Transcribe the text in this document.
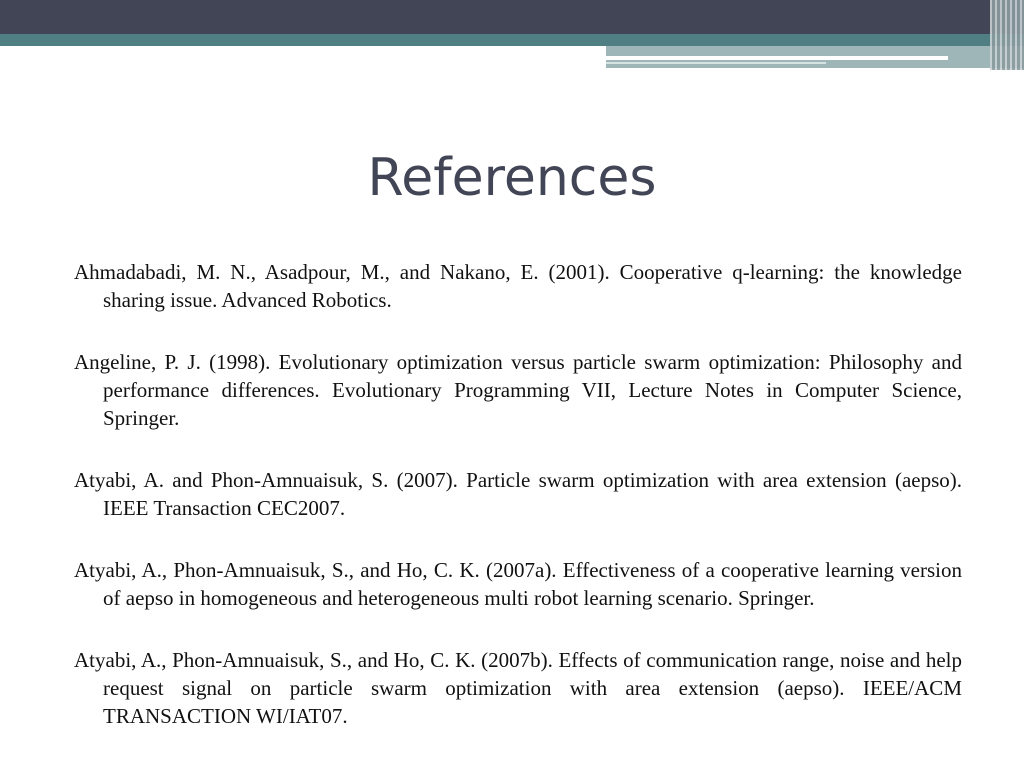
References

Ahmadabadi, M. N., Asadpour, M., and Nakano, E. (2001). Cooperative q-learning: the knowledge sharing issue. Advanced Robotics.

Angeline, P. J. (1998). Evolutionary optimization versus particle swarm optimization: Philosophy and performance differences. Evolutionary Programming VII, Lecture Notes in Computer Science, Springer.

Atyabi, A. and Phon-Amnuaisuk, S. (2007). Particle swarm optimization with area extension (aepso). IEEE Transaction CEC2007.

Atyabi, A., Phon-Amnuaisuk, S., and Ho, C. K. (2007a). Effectiveness of a cooperative learning version of aepso in homogeneous and heterogeneous multi robot learning scenario. Springer.

Atyabi, A., Phon-Amnuaisuk, S., and Ho, C. K. (2007b). Effects of communication range, noise and help request signal on particle swarm optimization with area extension (aepso). IEEE/ACM TRANSACTION WI/IAT07.
